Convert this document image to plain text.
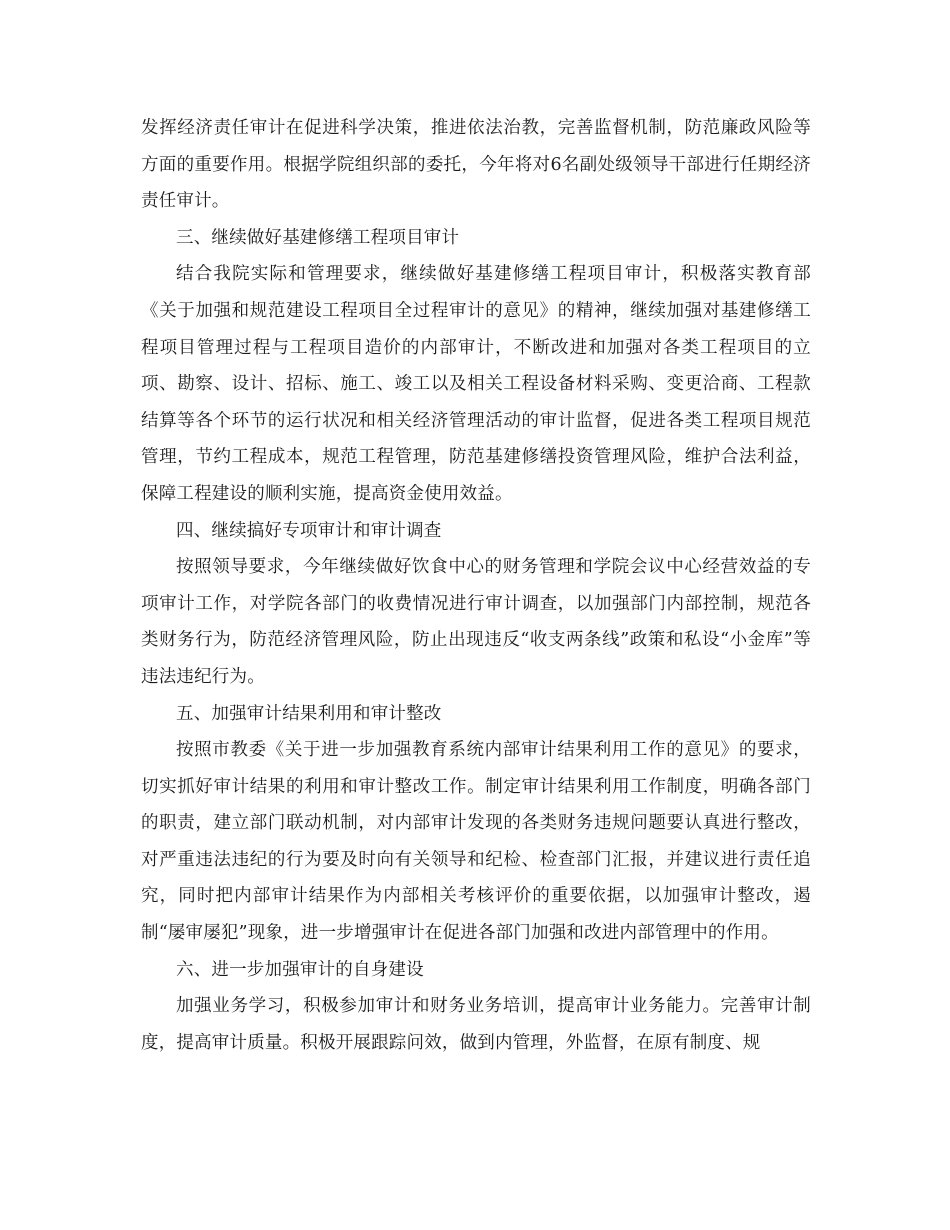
发挥经济责任审计在促进科学决策，推进依法治教，完善监督机制，防范廉政风险等方面的重要作用。根据学院组织部的委托，今年将对6名副处级领导干部进行任期经济责任审计。

三、继续做好基建修缮工程项目审计

结合我院实际和管理要求，继续做好基建修缮工程项目审计，积极落实教育部《关于加强和规范建设工程项目全过程审计的意见》的精神，继续加强对基建修缮工程项目管理过程与工程项目造价的内部审计，不断改进和加强对各类工程项目的立项、勘察、设计、招标、施工、竣工以及相关工程设备材料采购、变更洽商、工程款结算等各个环节的运行状况和相关经济管理活动的审计监督，促进各类工程项目规范管理，节约工程成本，规范工程管理，防范基建修缮投资管理风险，维护合法利益，保障工程建设的顺利实施，提高资金使用效益。

四、继续搞好专项审计和审计调查

按照领导要求，今年继续做好饮食中心的财务管理和学院会议中心经营效益的专项审计工作，对学院各部门的收费情况进行审计调查，以加强部门内部控制，规范各类财务行为，防范经济管理风险，防止出现违反“收支两条线”政策和私设“小金库”等违法违纪行为。

五、加强审计结果利用和审计整改

按照市教委《关于进一步加强教育系统内部审计结果利用工作的意见》的要求，切实抓好审计结果的利用和审计整改工作。制定审计结果利用工作制度，明确各部门的职责，建立部门联动机制，对内部审计发现的各类财务违规问题要认真进行整改，对严重违法违纪的行为要及时向有关领导和纪检、检查部门汇报，并建议进行责任追究，同时把内部审计结果作为内部相关考核评价的重要依据，以加强审计整改，遏制“屡审屡犯”现象，进一步增强审计在促进各部门加强和改进内部管理中的作用。

六、进一步加强审计的自身建设

加强业务学习，积极参加审计和财务业务培训，提高审计业务能力。完善审计制度，提高审计质量。积极开展跟踪问效，做到内管理，外监督，在原有制度、规
